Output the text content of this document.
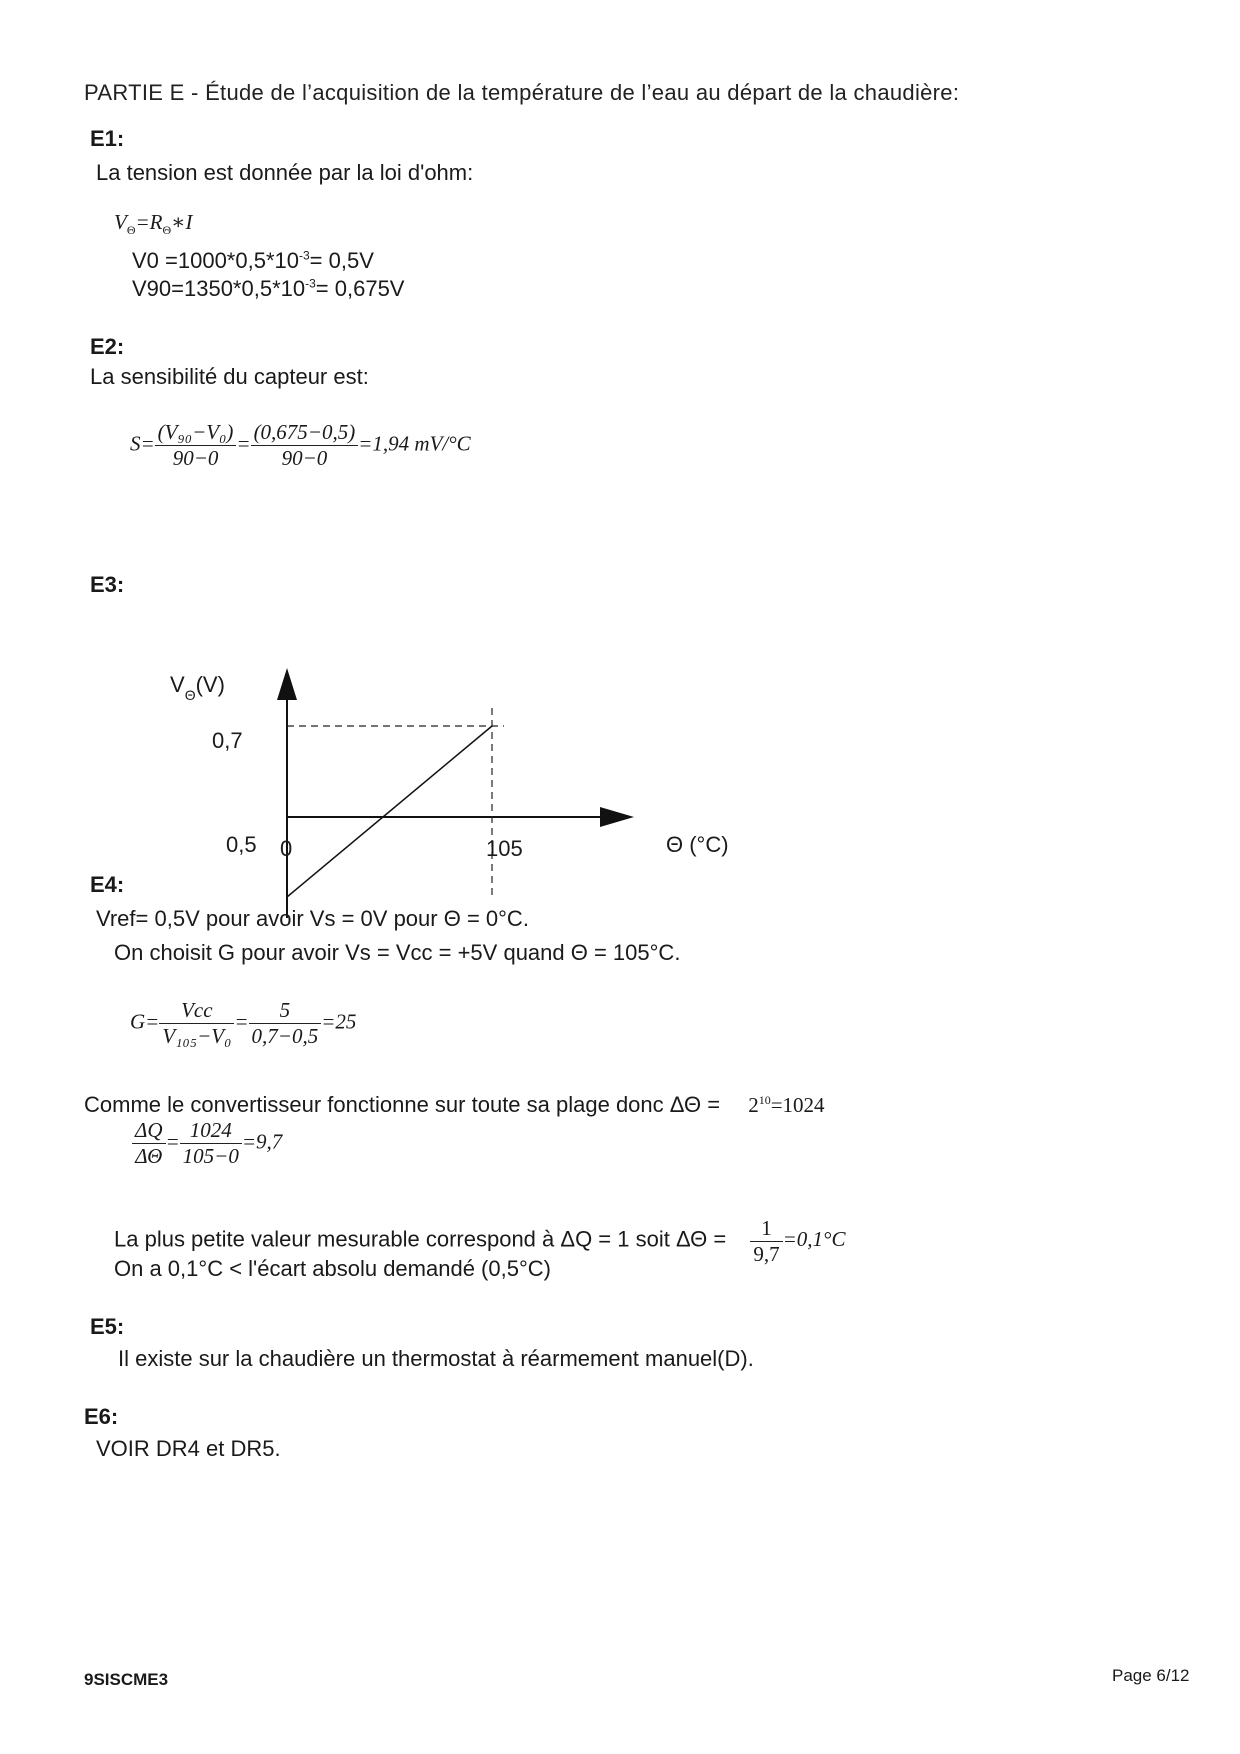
PARTIE E - Étude de l’acquisition de la température de l’eau au départ de la chaudière:
E1:
La tension est donnée par la loi d'ohm:
$V_\Theta=R_\Theta∗I$
$V0 =1000*0,5*10^{-3}= 0,5V$
$V90=1350*0,5*10^{-3}= 0,675V$
E2:
La sensibilité du capteur est:
$S= \frac{\text{(V₉₀−V₀)}}{90-0} = \frac{(0,675-0,5)}{90-0} =1,94$ mV/°C
E3:
$V_\Theta(V)$
0,7
0,5 0	105	Θ (°C)
E4:
Vref= 0,5V pour avoir Vs = 0V pour Θ = 0°C.
On choisit G pour avoir Vs = Vcc = +5V quand Θ = 105°C.
$G= \frac{\text{Vcc}}{\text{V₁₀₅−V₀}} = \frac{5}{0,7-0,5} =25$
Comme le convertisseur fonctionne sur toute sa plage donc $\Delta\Theta = 2^{10}=1024$
$\frac{\Delta Q}{\Delta\Theta} = \frac{1024}{105-0} =9,7$
La plus petite valeur mesurable correspond à ΔQ = 1 soit $\Delta\Theta = \frac{1}{9,7} =0,1^\circ C$
On a 0,1°C < l'écart absolu demandé (0,5°C)
E5:
Il existe sur la chaudière un thermostat à réarmement manuel(D).
E6:
VOIR DR4 et DR5.
9SISCME3	Page 6/12
